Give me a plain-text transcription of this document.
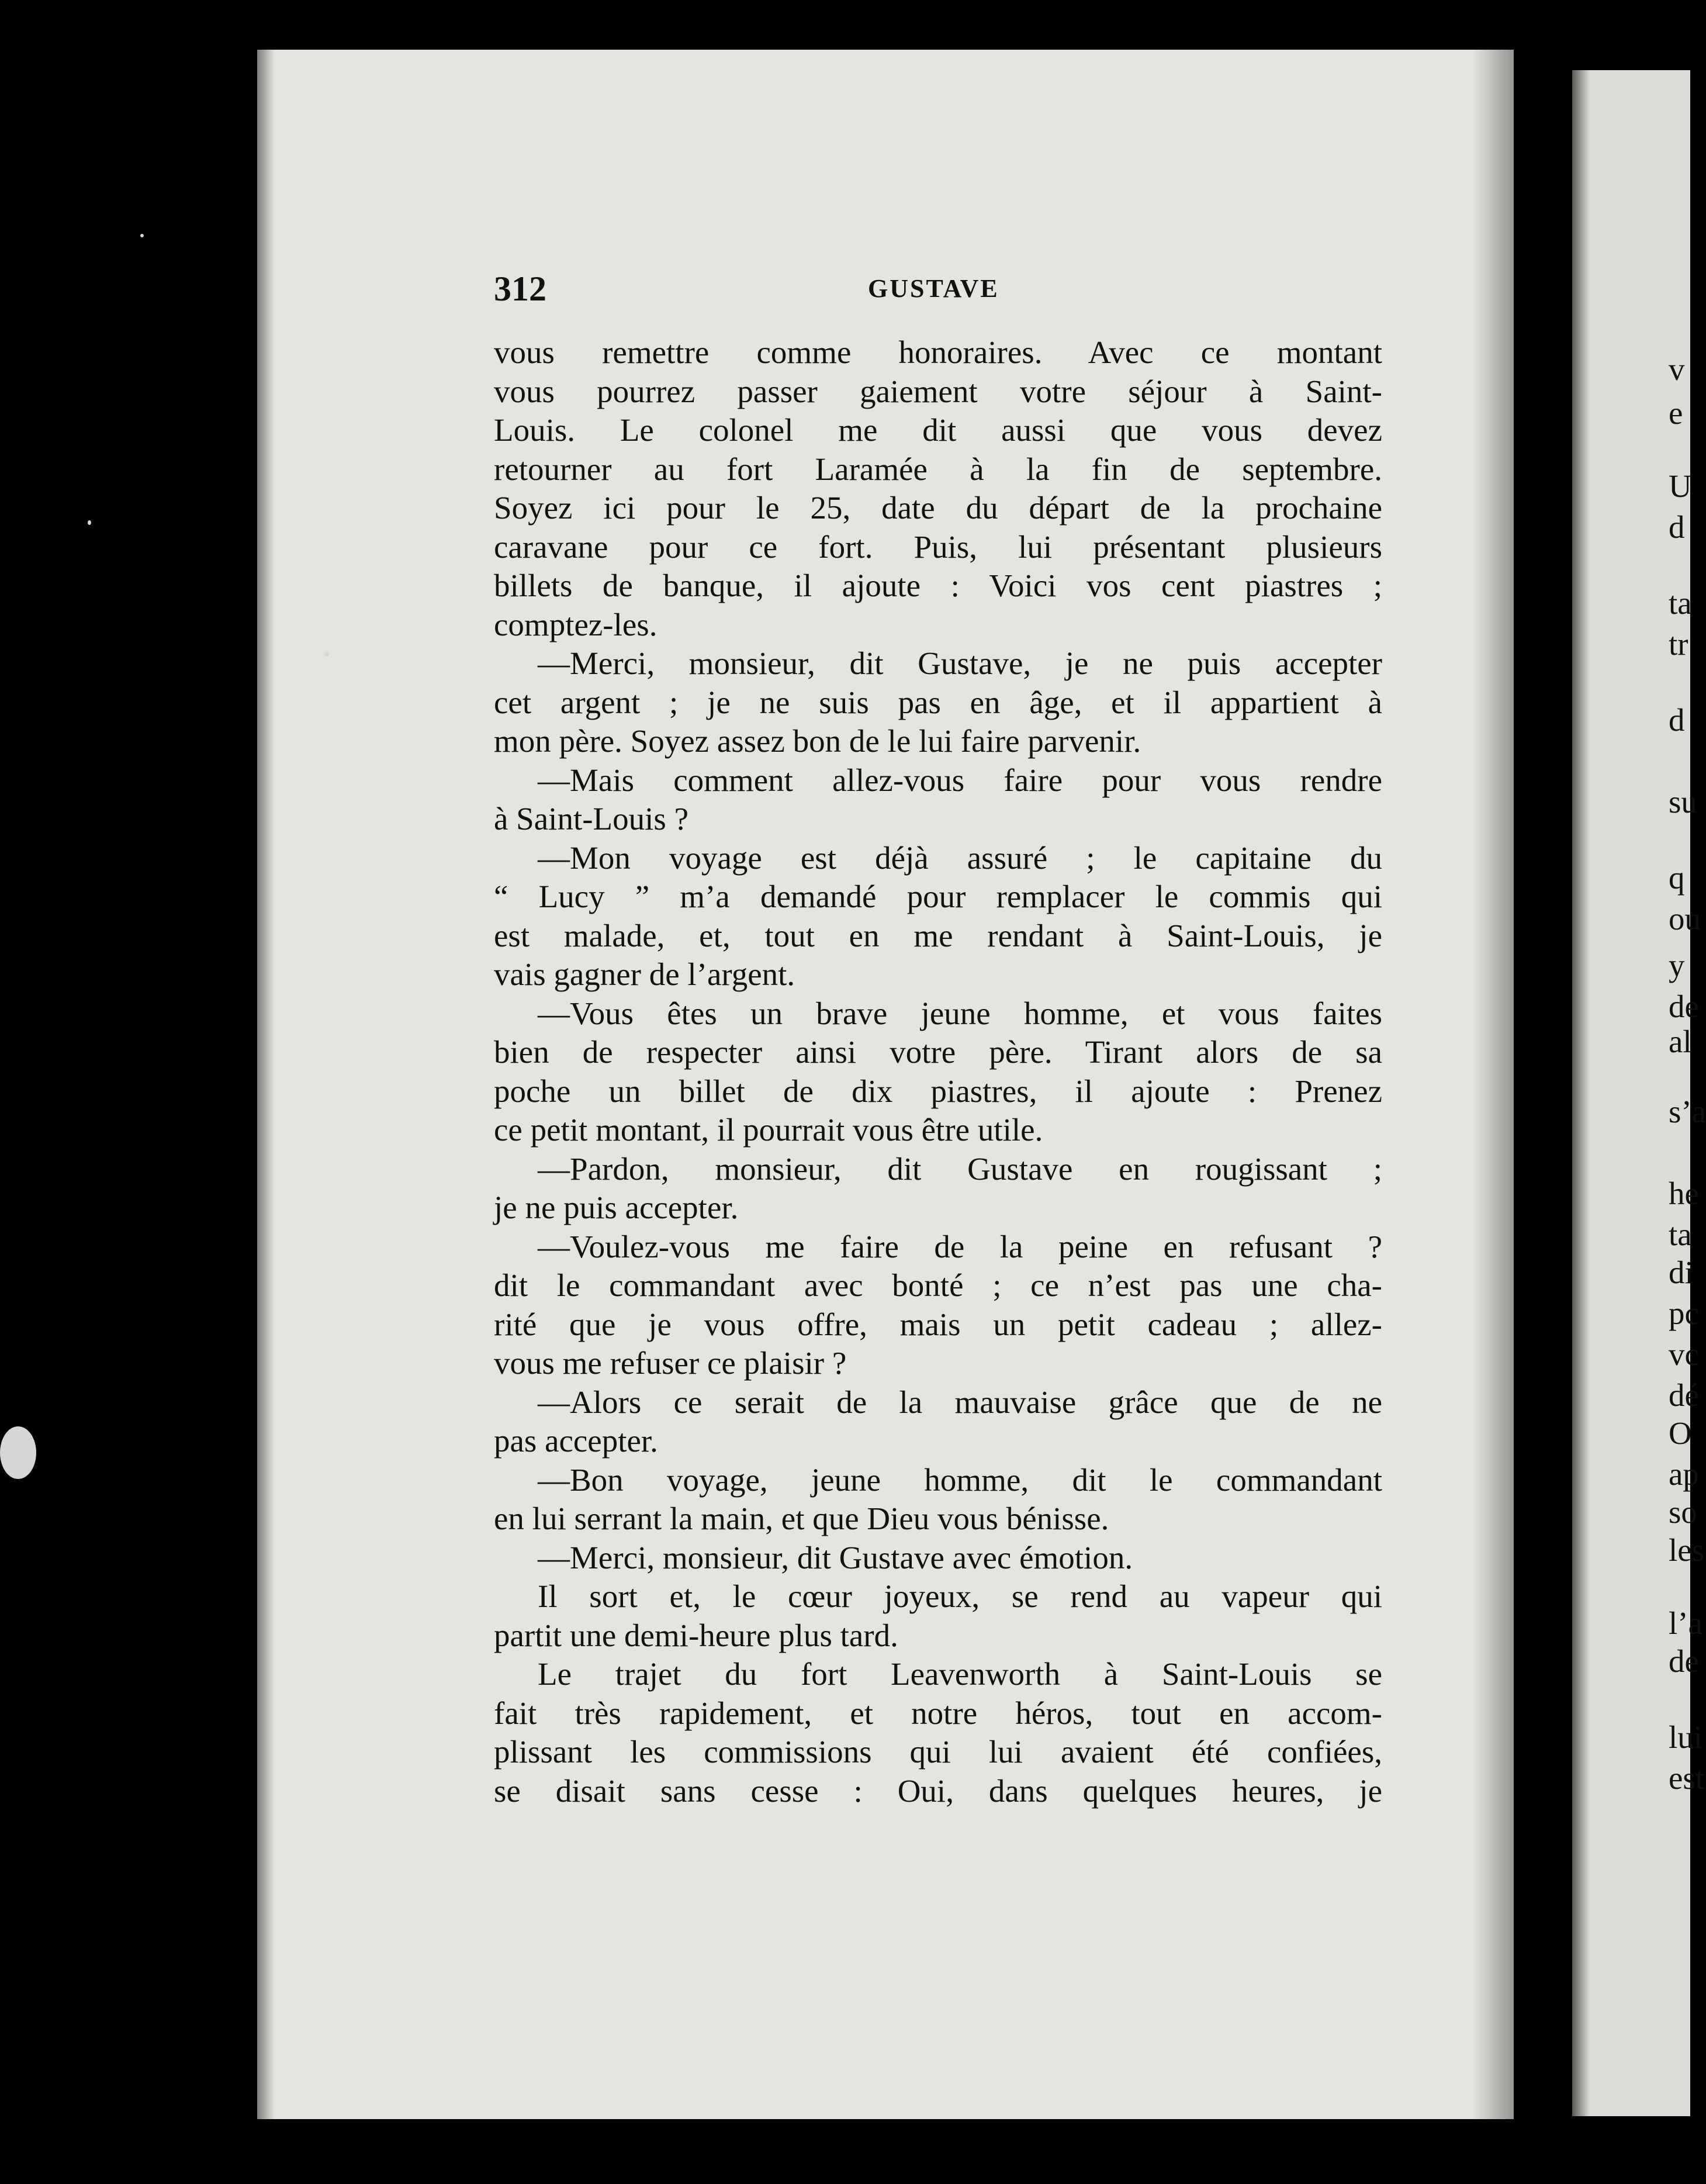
v
e
U
d
ta
tr
d
su
q
ou
y
de
al
s’a
he
ta
di
pc
vc
dé
O
ap
so
les
l’a
de
lui
est
312	GUSTAVE
vous remettre comme honoraires. Avec ce montant
vous pourrez passer gaiement votre séjour à Saint-
Louis. Le colonel me dit aussi que vous devez
retourner au fort Laramée à la fin de septembre.
Soyez ici pour le 25, date du départ de la prochaine
caravane pour ce fort. Puis, lui présentant plusieurs
billets de banque, il ajoute : Voici vos cent piastres ;
comptez-les.
—Merci, monsieur, dit Gustave, je ne puis accepter
cet argent ; je ne suis pas en âge, et il appartient à
mon père. Soyez assez bon de le lui faire parvenir.
—Mais comment allez-vous faire pour vous rendre
à Saint-Louis ?
—Mon voyage est déjà assuré ; le capitaine du
“ Lucy ” m’a demandé pour remplacer le commis qui
est malade, et, tout en me rendant à Saint-Louis, je
vais gagner de l’argent.
—Vous êtes un brave jeune homme, et vous faites
bien de respecter ainsi votre père. Tirant alors de sa
poche un billet de dix piastres, il ajoute : Prenez
ce petit montant, il pourrait vous être utile.
—Pardon, monsieur, dit Gustave en rougissant ;
je ne puis accepter.
—Voulez-vous me faire de la peine en refusant ?
dit le commandant avec bonté ; ce n’est pas une cha-
rité que je vous offre, mais un petit cadeau ; allez-
vous me refuser ce plaisir ?
—Alors ce serait de la mauvaise grâce que de ne
pas accepter.
—Bon voyage, jeune homme, dit le commandant
en lui serrant la main, et que Dieu vous bénisse.
—Merci, monsieur, dit Gustave avec émotion.
Il sort et, le cœur joyeux, se rend au vapeur qui
partit une demi-heure plus tard.
Le trajet du fort Leavenworth à Saint-Louis se
fait très rapidement, et notre héros, tout en accom-
plissant les commissions qui lui avaient été confiées,
se disait sans cesse : Oui, dans quelques heures, je
